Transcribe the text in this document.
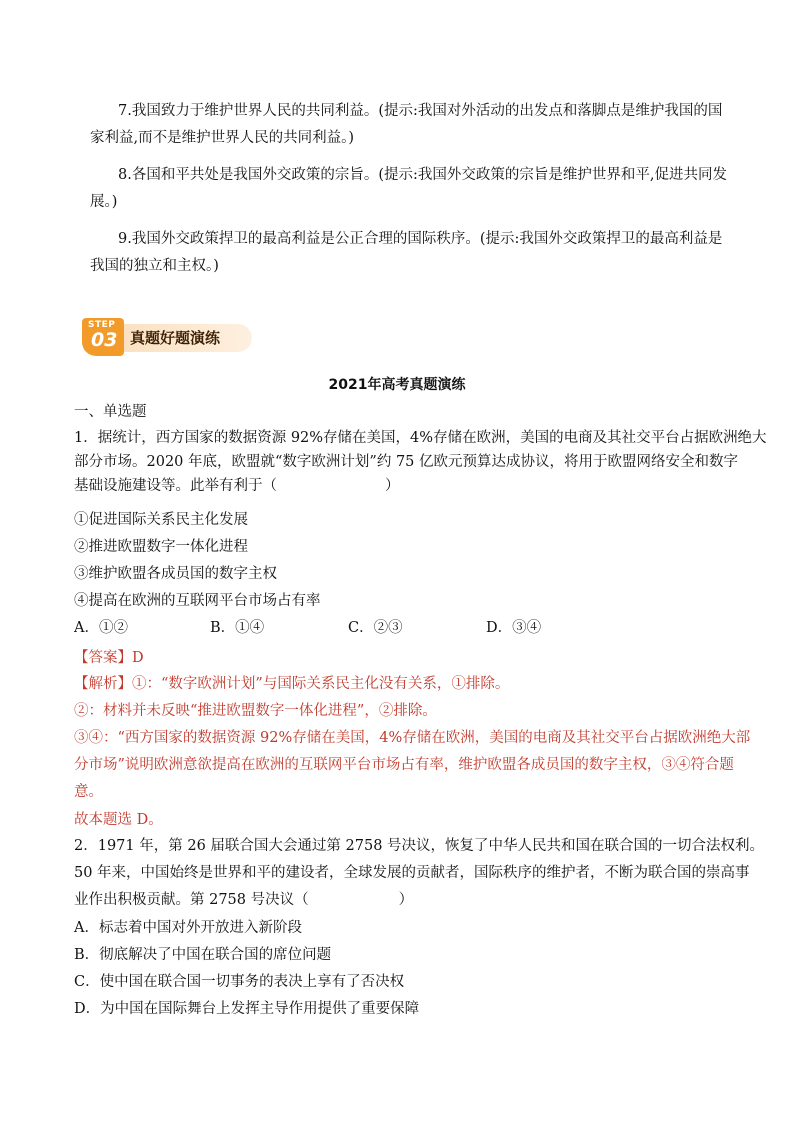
7.我国致力于维护世界人民的共同利益。(提示:我国对外活动的出发点和落脚点是维护我国的国
家利益,而不是维护世界人民的共同利益。)
8.各国和平共处是我国外交政策的宗旨。(提示:我国外交政策的宗旨是维护世界和平,促进共同发
展。)
9.我国外交政策捍卫的最高利益是公正合理的国际秩序。(提示:我国外交政策捍卫的最高利益是
我国的独立和主权。)
STEP
03 真题好题演练
2021年高考真题演练
一、单选题
1．据统计，西方国家的数据资源 92%存储在美国，4%存储在欧洲，美国的电商及其社交平台占据欧洲绝大
部分市场。2020 年底，欧盟就“数字欧洲计划”约 75 亿欧元预算达成协议，将用于欧盟网络安全和数字
基础设施建设等。此举有利于（	）
①促进国际关系民主化发展
②推进欧盟数字一体化进程
③维护欧盟各成员国的数字主权
④提高在欧洲的互联网平台市场占有率
A．①②	B．①④	C．②③	D．③④
【答案】D
【解析】①：“数字欧洲计划”与国际关系民主化没有关系，①排除。
②：材料并未反映“推进欧盟数字一体化进程”，②排除。
③④：“西方国家的数据资源 92%存储在美国，4%存储在欧洲，美国的电商及其社交平台占据欧洲绝大部
分市场”说明欧洲意欲提高在欧洲的互联网平台市场占有率，维护欧盟各成员国的数字主权，③④符合题
意。
故本题选 D。
2．1971 年，第 26 届联合国大会通过第 2758 号决议，恢复了中华人民共和国在联合国的一切合法权利。
50 年来，中国始终是世界和平的建设者，全球发展的贡献者，国际秩序的维护者，不断为联合国的崇高事
业作出积极贡献。第 2758 号决议（	）
A．标志着中国对外开放进入新阶段
B．彻底解决了中国在联合国的席位问题
C．使中国在联合国一切事务的表决上享有了否决权
D．为中国在国际舞台上发挥主导作用提供了重要保障
